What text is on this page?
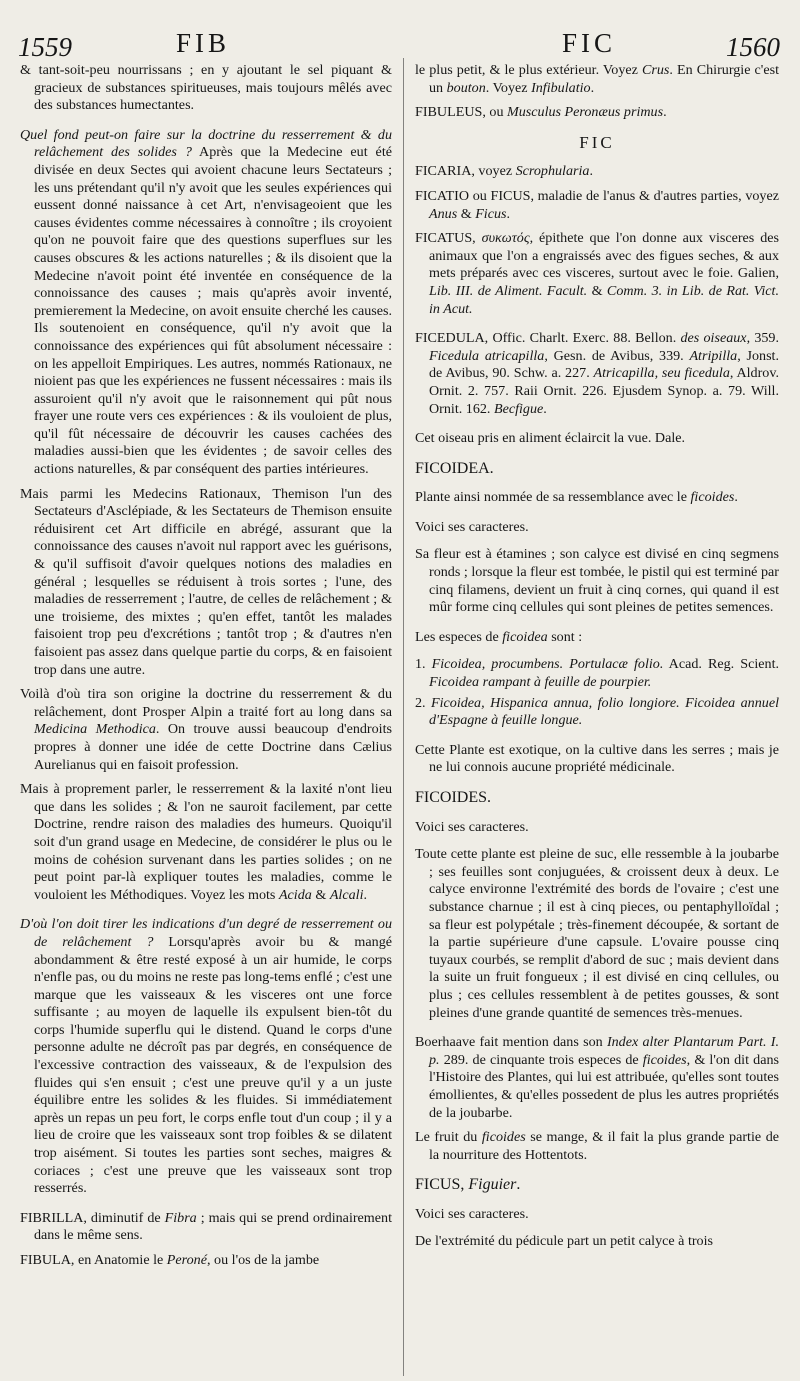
1559	FIB	FIC	1560

& tant-soit-peu nourrissans ; en y ajoutant le sel piquant & gracieux de substances spiritueuses, mais toujours mêlés avec des substances humectantes.

Quel fond peut-on faire sur la doctrine du resserrement & du relâchement des solides ? Après que la Medecine eut été divisée en deux Sectes qui avoient chacune leurs Sectateurs ; les uns prétendant qu'il n'y avoit que les seules expériences qui eussent donné naissance à cet Art, n'envisageoient que les causes évidentes comme nécessaires à connoître ; ils croyoient qu'on ne pouvoit faire que des questions superflues sur les causes obscures & les actions naturelles ; & ils disoient que la Medecine n'avoit point été inventée en conséquence de la connoissance des causes ; mais qu'après avoir inventé, premierement la Medecine, on avoit ensuite cherché les causes. Ils soutenoient en conséquence, qu'il n'y avoit que la connoissance des expériences qui fût absolument nécessaire : on les appelloit Empiriques. Les autres, nommés Rationaux, ne nioient pas que les expériences ne fussent nécessaires : mais ils assuroient qu'il n'y avoit que le raisonnement qui pût nous frayer une route vers ces expériences : & ils vouloient de plus, qu'il fût nécessaire de découvrir les causes cachées des maladies aussi-bien que les évidentes ; de savoir celles des actions naturelles, & par conséquent des parties intérieures.

Mais parmi les Medecins Rationaux, Themison l'un des Sectateurs d'Asclépiade, & les Sectateurs de Themison ensuite réduisirent cet Art difficile en abrégé, assurant que la connoissance des causes n'avoit nul rapport avec les guérisons, & qu'il suffisoit d'avoir quelques notions des maladies en général ; lesquelles se réduisent à trois sortes ; l'une, des maladies de resserrement ; l'autre, de celles de relâchement ; & une troisieme, des mixtes ; qu'en effet, tantôt les malades faisoient trop peu d'excrétions ; tantôt trop ; & d'autres n'en faisoient pas assez dans quelque partie du corps, & en faisoient trop dans une autre.

Voilà d'où tira son origine la doctrine du resserrement & du relâchement, dont Prosper Alpin a traité fort au long dans sa Medicina Methodica. On trouve aussi beaucoup d'endroits propres à donner une idée de cette Doctrine dans Cælius Aurelianus qui en faisoit profession.

Mais à proprement parler, le resserrement & la laxité n'ont lieu que dans les solides ; & l'on ne sauroit facilement, par cette Doctrine, rendre raison des maladies des humeurs. Quoiqu'il soit d'un grand usage en Medecine, de considérer le plus ou le moins de cohésion survenant dans les parties solides ; on ne peut point par-là expliquer toutes les maladies, comme le vouloient les Méthodiques. Voyez les mots Acida & Alcali.

D'où l'on doit tirer les indications d'un degré de resserrement ou de relâchement ? Lorsqu'après avoir bu & mangé abondamment & être resté exposé à un air humide, le corps n'enfle pas, ou du moins ne reste pas long-tems enflé ; c'est une marque que les vaisseaux & les visceres ont une force suffisante ; au moyen de laquelle ils expulsent bien-tôt du corps l'humide superflu qui le distend. Quand le corps d'une personne adulte ne décroît pas par degrés, en conséquence de l'excessive contraction des vaisseaux, & de l'expulsion des fluides qui s'en ensuit ; c'est une preuve qu'il y a un juste équilibre entre les solides & les fluides. Si immédiatement après un repas un peu fort, le corps enfle tout d'un coup ; il y a lieu de croire que les vaisseaux sont trop foibles & se dilatent trop aisément. Si toutes les parties sont seches, maigres & coriaces ; c'est une preuve que les vaisseaux sont trop resserrés.

FIBRILLA, diminutif de Fibra ; mais qui se prend ordinairement dans le même sens.

FIBULA, en Anatomie le Peroné, ou l'os de la jambe

le plus petit, & le plus extérieur. Voyez Crus. En Chirurgie c'est un bouton. Voyez Infibulatio.

FIBULEUS, ou Musculus Peronæus primus.

FIC

FICARIA, voyez Scrophularia.

FICATIO ou FICUS, maladie de l'anus & d'autres parties, voyez Anus & Ficus.

FICATUS, συκωτός, épithete que l'on donne aux visceres des animaux que l'on a engraissés avec des figues seches, & aux mets préparés avec ces visceres, surtout avec le foie. Galien, Lib. III. de Aliment. Facult. & Comm. 3. in Lib. de Rat. Vict. in Acut.

FICEDULA, Offic. Charlt. Exerc. 88. Bellon. des oiseaux, 359. Ficedula atricapilla, Gesn. de Avibus, 339. Atripilla, Jonst. de Avibus, 90. Schw. a. 227. Atricapilla, seu ficedula, Aldrov. Ornit. 2. 757. Raii Ornit. 226. Ejusdem Synop. a. 79. Will. Ornit. 162. Becfigue.

Cet oiseau pris en aliment éclaircit la vue. Dale.
FICOIDEA.
Plante ainsi nommée de sa ressemblance avec le ficoides.
Voici ses caracteres.

Sa fleur est à étamines ; son calyce est divisé en cinq segmens ronds ; lorsque la fleur est tombée, le pistil qui est terminé par cinq filamens, devient un fruit à cinq cornes, qui quand il est mûr forme cinq cellules qui sont pleines de petites semences.

Les especes de ficoidea sont :
1. Ficoidea, procumbens. Portulacæ folio. Acad. Reg. Scient. Ficoidea rampant à feuille de pourpier.
2. Ficoidea, Hispanica annua, folio longiore. Ficoidea annuel d'Espagne à feuille longue.

Cette Plante est exotique, on la cultive dans les serres ; mais je ne lui connois aucune propriété médicinale.

FICOIDES.
Voici ses caracteres.

Toute cette plante est pleine de suc, elle ressemble à la joubarbe ; ses feuilles sont conjuguées, & croissent deux à deux. Le calyce environne l'extrémité des bords de l'ovaire ; c'est une substance charnue ; il est à cinq pieces, ou pentaphylloïdal ; sa fleur est polypétale ; très-finement découpée, & sortant de la partie supérieure d'une capsule. L'ovaire pousse cinq tuyaux courbés, se remplit d'abord de suc ; mais devient dans la suite un fruit fongueux ; il est divisé en cinq cellules, ou plus ; ces cellules ressemblent à de petites gousses, & sont pleines d'une grande quantité de semences très-menues.

Boerhaave fait mention dans son Index alter Plantarum Part. I. p. 289. de cinquante trois especes de ficoides, & l'on dit dans l'Histoire des Plantes, qui lui est attribuée, qu'elles sont toutes émollientes, & qu'elles possedent de plus les autres propriétés de la joubarbe.

Le fruit du ficoides se mange, & il fait la plus grande partie de la nourriture des Hottentots.

FICUS, Figuier.
Voici ses caracteres.

De l'extrémité du pédicule part un petit calyce à trois
